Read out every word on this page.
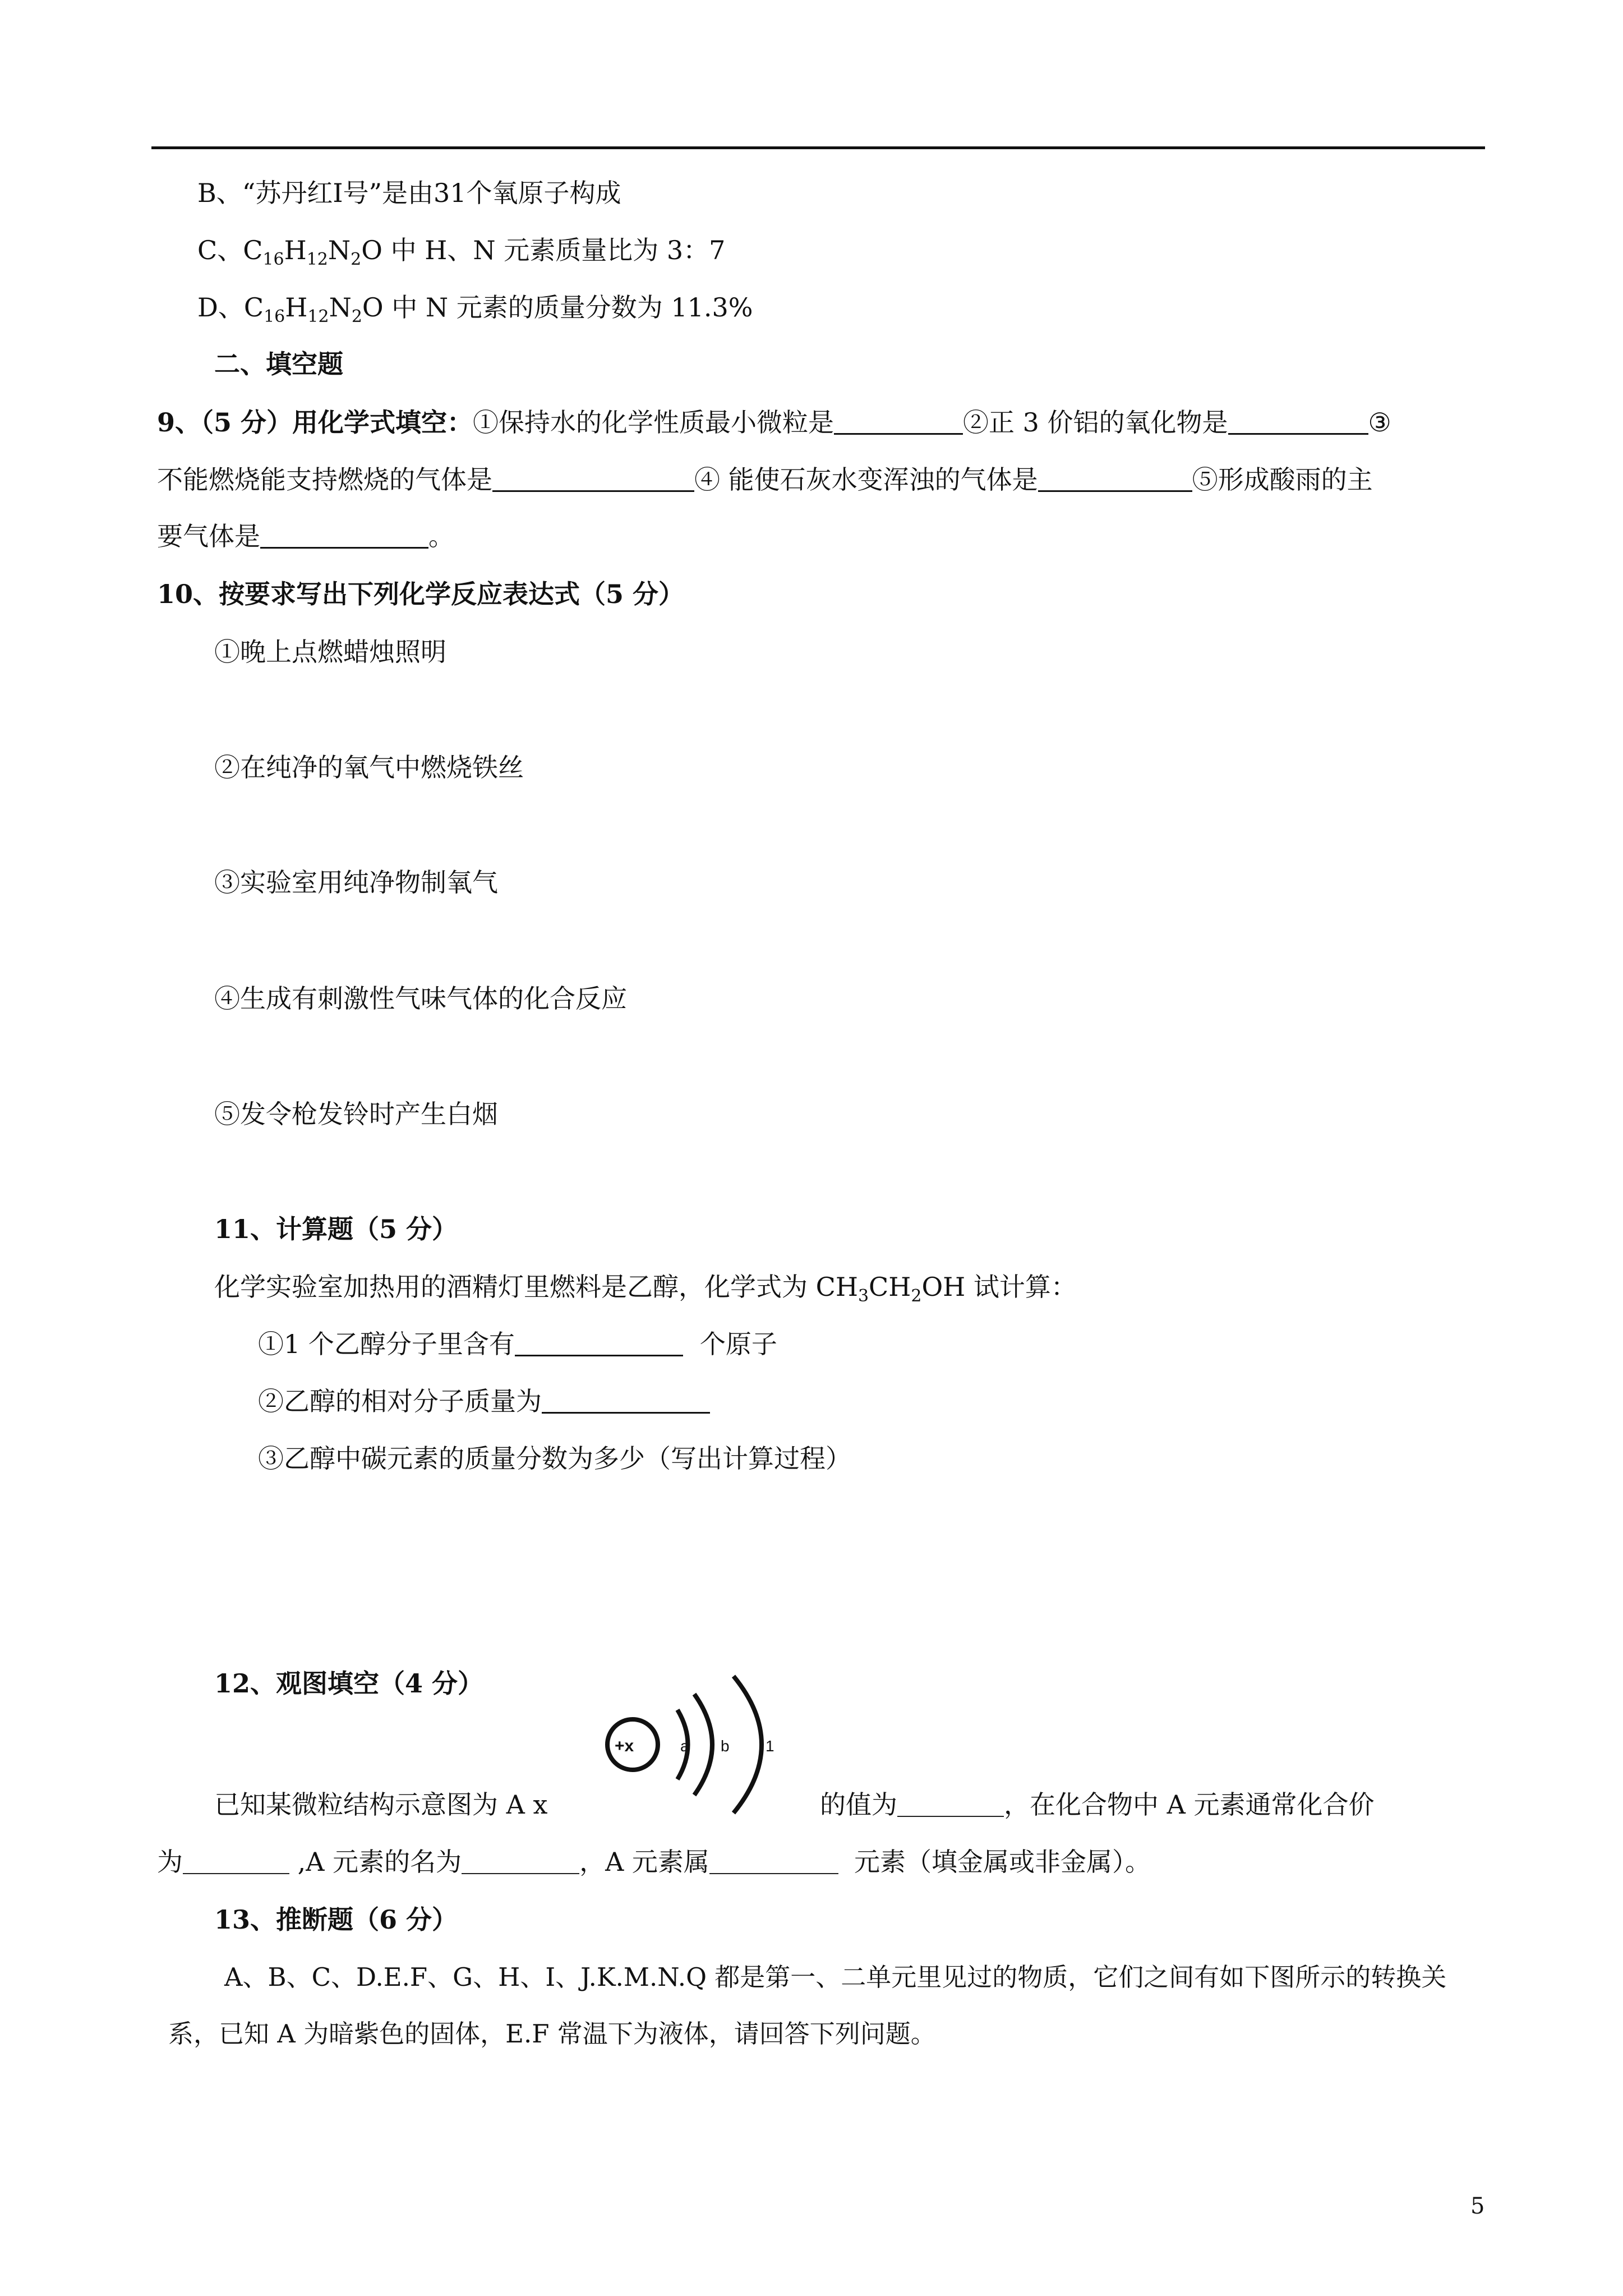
B、“苏丹红Ⅰ号”是由31个氧原子构成
C、$C_{16}H_{12}N_2O$ 中 H、N 元素质量比为 3：7
D、$C_{16}H_{12}N_2O$ 中 N 元素的质量分数为 11.3%
二、填空题
9、（5 分）用化学式填空：①保持水的化学性质最小微粒是	②正 3 价铝的氧化物是	③
不能燃烧能支持燃烧的气体是	④ 能使石灰水变浑浊的气体是	⑤形成酸雨的主
要气体是	。
10、按要求写出下列化学反应表达式（5 分）
①晚上点燃蜡烛照明
②在纯净的氧气中燃烧铁丝
③实验室用纯净物制氧气
④生成有刺激性气味气体的化合反应
⑤发令枪发铃时产生白烟
11、计算题（5 分）
化学实验室加热用的酒精灯里燃料是乙醇，化学式为 $CH_3CH_2OH$ 试计算：
①1 个乙醇分子里含有	个原子
②乙醇的相对分子质量为
③乙醇中碳元素的质量分数为多少（写出计算过程）
12、观图填空（4 分）
+x	a b 1
已知某微粒结构示意图为 A x	的值为	，在化合物中 A 元素通常化合价
为	,A 元素的名为	，A 元素属	元素（填金属或非金属）。
13、推断题（6 分）
A、B、C、D.E.F、G、H、I、J.K.M.N.Q 都是第一、二单元里见过的物质，它们之间有如下图所示的转换关
系，已知 A 为暗紫色的固体，E.F 常温下为液体，请回答下列问题。
5
